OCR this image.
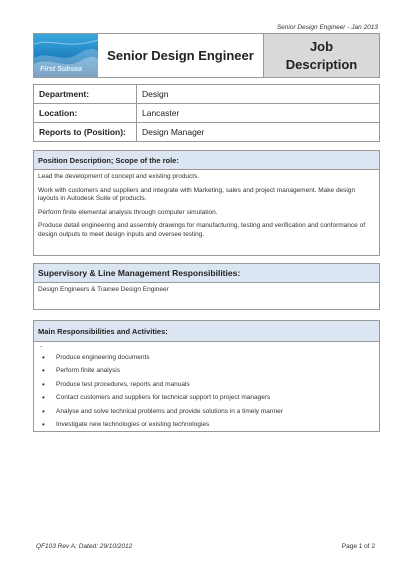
Senior Design Engineer - Jan 2013
First Subsea
Senior Design Engineer
Job
Description
Department:	Design
Location:	Lancaster
Reports to (Position):	Design Manager
Position Description; Scope of the role:

Lead the development of concept and existing products.

Work with customers and suppliers and integrate with Marketing, sales and project management. Make design layouts in Autodesk Suite of products.

Perform finite elemental analysis through computer simulation.

Produce detail engineering and assembly drawings for manufacturing, testing and verification and conformance of design outputs to meet design inputs and oversee testing.

Supervisory & Line Management Responsibilities:
Design Engineers & Trainee Design Engineer
Main Responsibilities and Activities:
-
• Produce engineering documents
• Perform finite analysis
• Produce test procedures, reports and manuals
• Contact customers and suppliers for technical support to project managers
• Analyse and solve technical problems and provide solutions in a timely manner
• Investigate new technologies or existing technologies
QF103 Rev A; Dated: 29/10/2012	Page 1 of 2
